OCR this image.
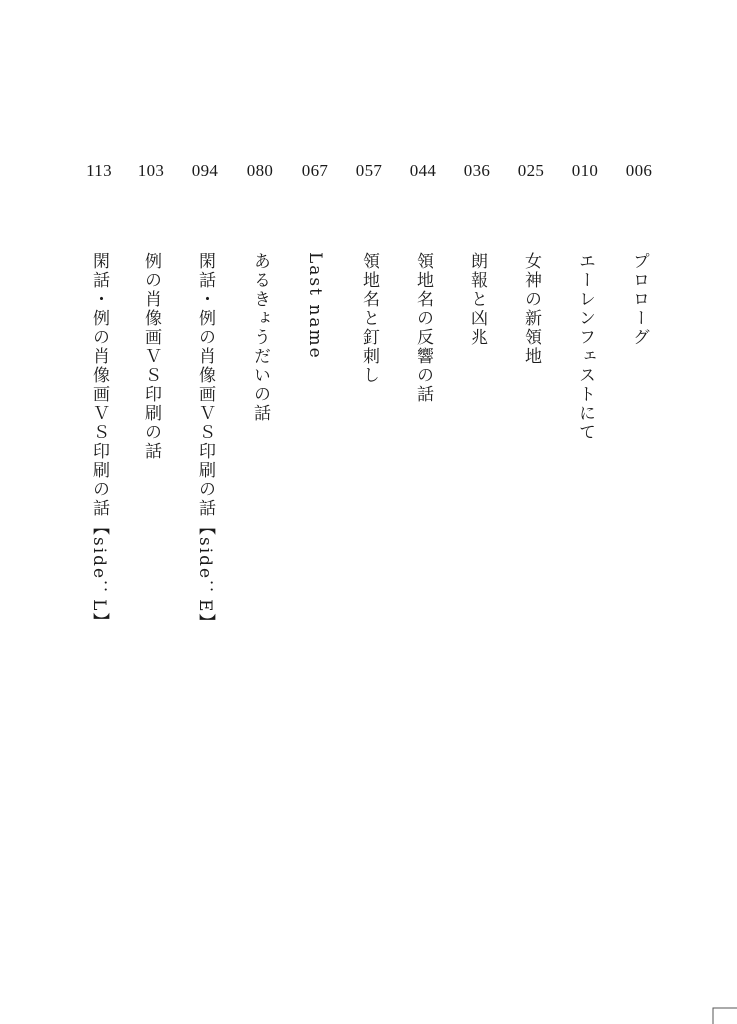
006
プロローグ
010
エーレンフェストにて
025
女神の新領地
036
朗報と凶兆
044
領地名の反響の話
057
領地名と釘刺し
067
Last name
080
あるきょうだいの話
094
閑話・例の肖像画ＶＳ印刷の話【side：E】
103
例の肖像画ＶＳ印刷の話
113
閑話・例の肖像画ＶＳ印刷の話【side：L】
